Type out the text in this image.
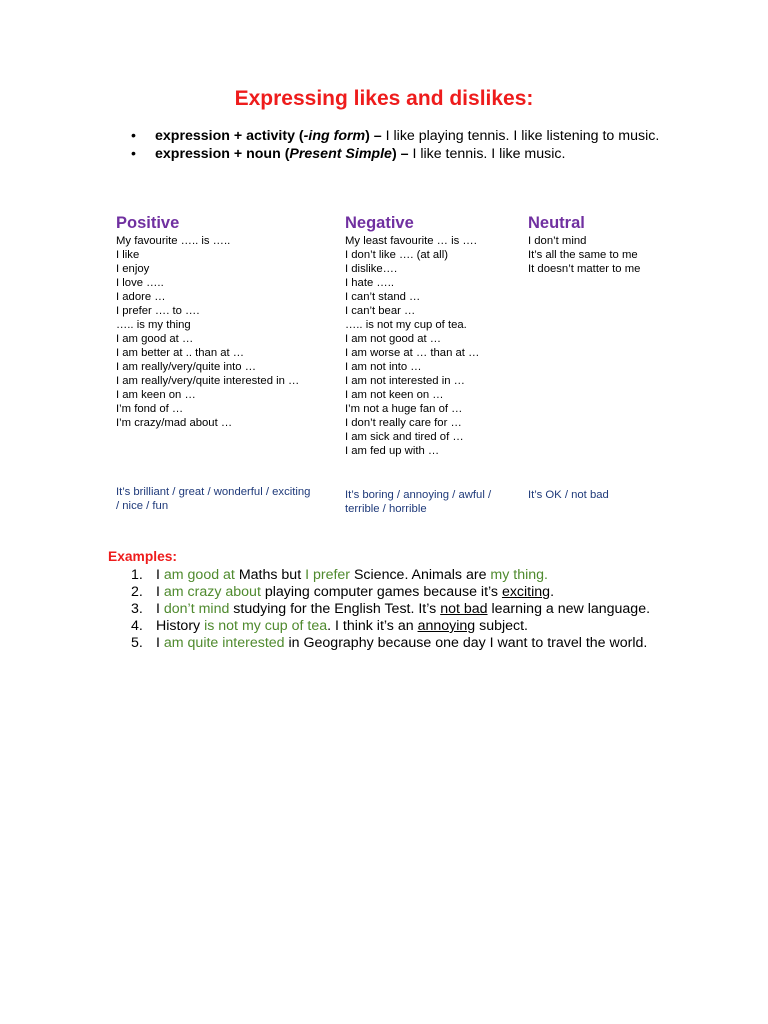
Expressing likes and dislikes:
• expression + activity (-ing form) – I like playing tennis. I like listening to music.
• expression + noun (Present Simple) – I like tennis. I like music.
Positive
My favourite ….. is …..
I like
I enjoy
I love …..
I adore …
I prefer …. to ….
….. is my thing
I am good at …
I am better at .. than at …
I am really/very/quite into …
I am really/very/quite interested in …
I am keen on …
I’m fond of …
I’m crazy/mad about …
Negative
My least favourite … is ….
I don’t like …. (at all)
I dislike….
I hate …..
I can’t stand …
I can’t bear …
….. is not my cup of tea.
I am not good at …
I am worse at … than at …
I am not into …
I am not interested in …
I am not keen on …
I’m not a huge fan of …
I don’t really care for …
I am sick and tired of …
I am fed up with …
Neutral
I don’t mind
It’s all the same to me
It doesn’t matter to me
It’s brilliant / great / wonderful / exciting / nice / fun
It’s boring / annoying / awful / terrible / horrible
It’s OK / not bad
Examples:
1. I am good at Maths but I prefer Science. Animals are my thing.
2. I am crazy about playing computer games because it’s exciting.
3. I don’t mind studying for the English Test. It’s not bad learning a new language.
4. History is not my cup of tea. I think it’s an annoying subject.
5. I am quite interested in Geography because one day I want to travel the world.
